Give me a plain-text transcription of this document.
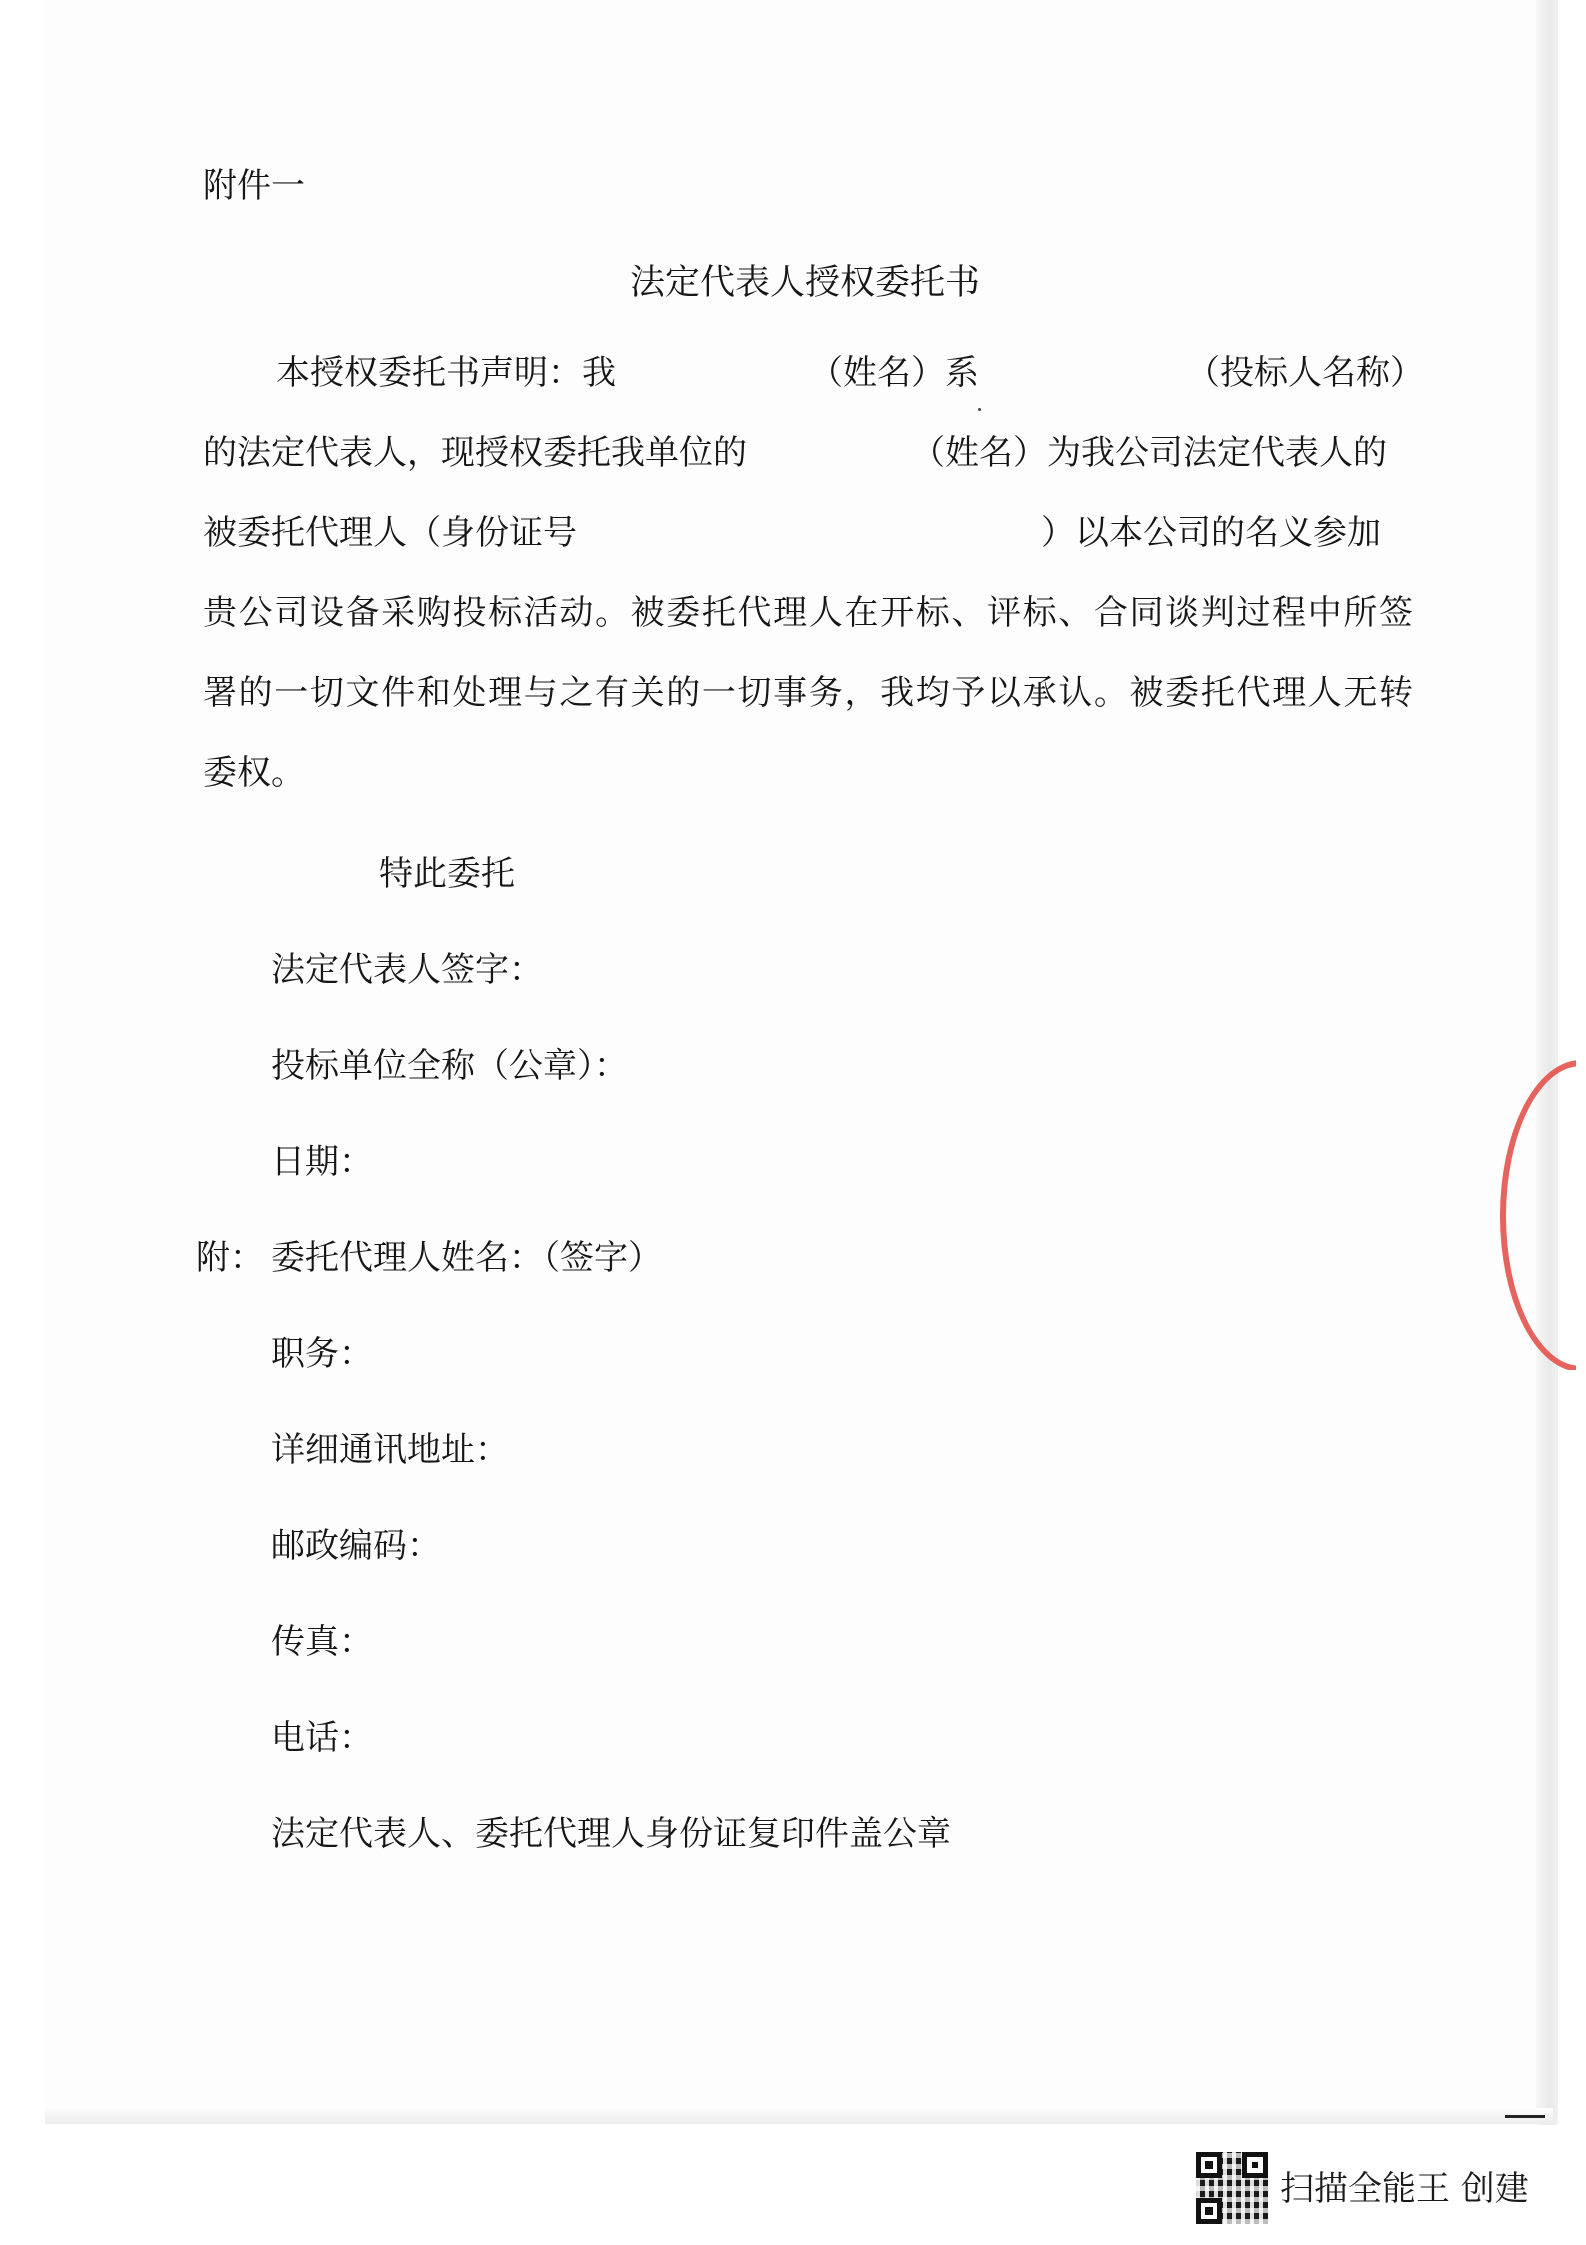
附件一
法定代表人授权委托书
本授权委托书声明：我	（姓名）系	（投标人名称）
的法定代表人，现授权委托我单位的	（姓名）为我公司法定代表人的
被委托代理人（身份证号	）以本公司的名义参加
贵公司设备采购投标活动。被委托代理人在开标、评标、合同谈判过程中所签
署的一切文件和处理与之有关的一切事务，我均予以承认。被委托代理人无转
委权。
特此委托
法定代表人签字：
投标单位全称（公章）：
日期：
附： 委托代理人姓名：（签字）
职务：
详细通讯地址：
邮政编码：
传真：
电话：
法定代表人、委托代理人身份证复印件盖公章
扫描全能王 创建
